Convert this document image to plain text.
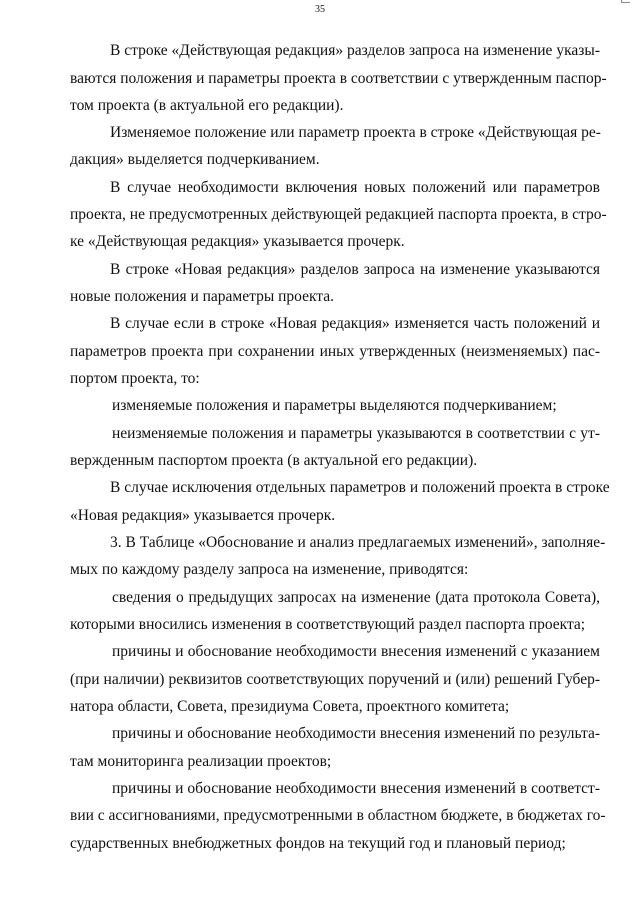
35
В строке «Действующая редакция» разделов запроса на изменение указы-
ваются положения и параметры проекта в соответствии с утвержденным паспор-
том проекта (в актуальной его редакции).
Изменяемое положение или параметр проекта в строке «Действующая ре-
дакция» выделяется подчеркиванием.
В случае необходимости включения новых положений или параметров
проекта, не предусмотренных действующей редакцией паспорта проекта, в стро-
ке «Действующая редакция» указывается прочерк.
В строке «Новая редакция» разделов запроса на изменение указываются
новые положения и параметры проекта.
В случае если в строке «Новая редакция» изменяется часть положений и
параметров проекта при сохранении иных утвержденных (неизменяемых) пас-
портом проекта, то:
изменяемые положения и параметры выделяются подчеркиванием;
неизменяемые положения и параметры указываются в соответствии с ут-
вержденным паспортом проекта (в актуальной его редакции).
В случае исключения отдельных параметров и положений проекта в строке
«Новая редакция» указывается прочерк.
3. В Таблице «Обоснование и анализ предлагаемых изменений», заполняе-
мых по каждому разделу запроса на изменение, приводятся:
сведения о предыдущих запросах на изменение (дата протокола Совета),
которыми вносились изменения в соответствующий раздел паспорта проекта;
причины и обоснование необходимости внесения изменений с указанием
(при наличии) реквизитов соответствующих поручений и (или) решений Губер-
натора области, Совета, президиума Совета, проектного комитета;
причины и обоснование необходимости внесения изменений по результа-
там мониторинга реализации проектов;
причины и обоснование необходимости внесения изменений в соответст-
вии с ассигнованиями, предусмотренными в областном бюджете, в бюджетах го-
сударственных внебюджетных фондов на текущий год и плановый период;
